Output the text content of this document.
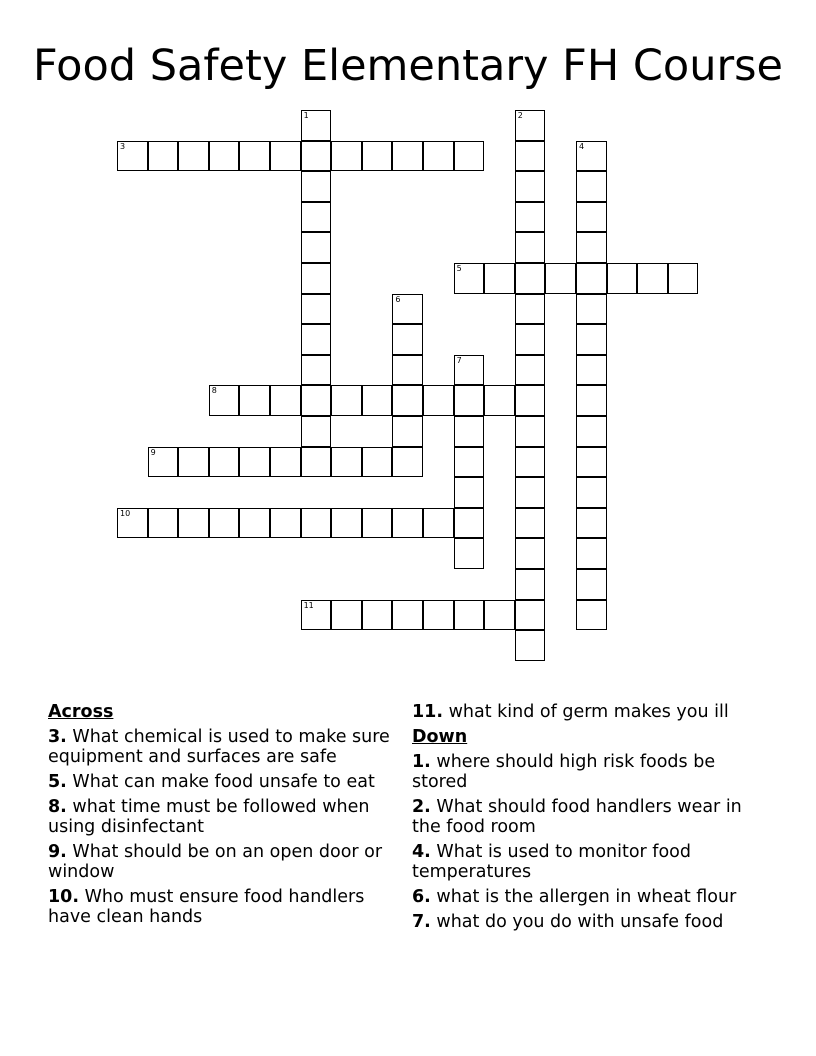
Food Safety Elementary FH Course
1	2
3	4
5
6
7
8
9
10
11
Across
3. What chemical is used to make sure equipment and surfaces are safe
5. What can make food unsafe to eat
8. what time must be followed when using disinfectant
9. What should be on an open door or window
10. Who must ensure food handlers have clean hands
11. what kind of germ makes you ill
Down
1. where should high risk foods be stored
2. What should food handlers wear in the food room
4. What is used to monitor food temperatures
6. what is the allergen in wheat flour
7. what do you do with unsafe food
